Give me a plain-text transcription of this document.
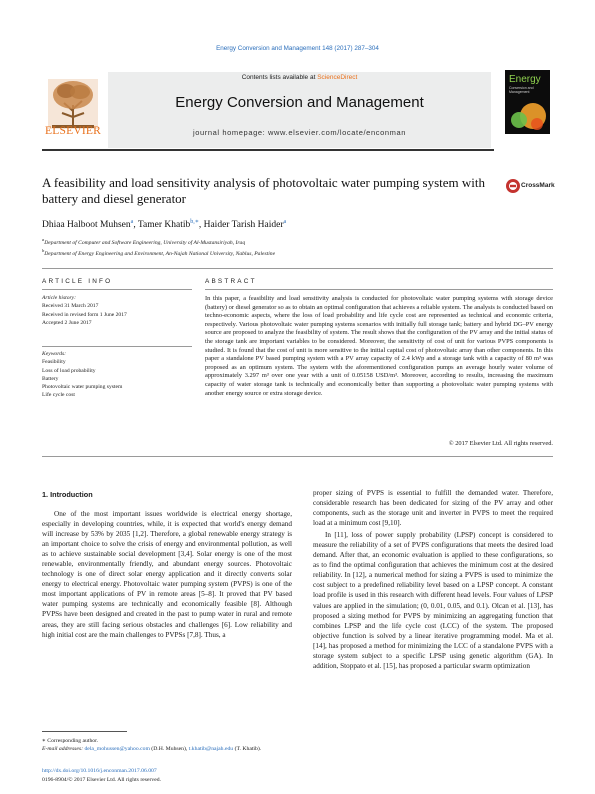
Energy Conversion and Management 148 (2017) 287–304
Contents lists available at ScienceDirect
Energy Conversion and Management
journal homepage: www.elsevier.com/locate/enconman
ELSEVIER
Energy
Conversion and Management
A feasibility and load sensitivity analysis of photovoltaic water pumping system with battery and diesel generator
CrossMark
Dhiaa Halboot Muhsen$^a$, Tamer Khatib$^{b,∗}$, Haider Tarish Haider$^a$
$^a$Department of Computer and Software Engineering, University of Al-Mustansiriyah, Iraq
$^b$Department of Energy Engineering and Environment, An-Najah National University, Nablus, Palestine
ARTICLE INFO	ABSTRACT
Article history:
Received 31 March 2017
Received in revised form 1 June 2017
Accepted 2 June 2017
Keywords:
Feasibility
Loss of load probability
Battery
Photovoltaic water pumping system
Life cycle cost
In this paper, a feasibility and load sensitivity analysis is conducted for photovoltaic water pumping systems with storage device (battery) or diesel generator so as to obtain an optimal configuration that achieves a reliable system. The analysis is conducted based on techno-economic aspects, where the loss of load probability and life cycle cost are represented as technical and economic criteria, respectively. Various photovoltaic water pumping systems scenarios with initially full storage tank; battery and hybrid DG–PV energy source are proposed to analyze the feasibility of system. The result shows that the configuration of the PV array and the initial status of the storage tank are important variables to be considered. Moreover, the sensitivity of cost of unit for various PVPS components is studied. It is found that the cost of unit is more sensitive to the initial capital cost of photovoltaic array than other components. In this paper a standalone PV based pumping system with a PV array capacity of 2.4 kWp and a storage tank with a capacity of 80 m³ was proposed as an optimum system. The system with the aforementioned configuration pumps an average hourly water volume of approximately 3.297 m³ over one year with a unit of 0.05158 USD/m³. Moreover, according to results, increasing the maximum capacity of water storage tank is technically and economically better than supporting a photovoltaic water pumping systems with another energy source or extra storage device.
© 2017 Elsevier Ltd. All rights reserved.
1. Introduction
One of the most important issues worldwide is electrical energy shortage, especially in developing countries, while, it is expected that world's energy demand will increase by 53% by 2035 [1,2]. Therefore, a global renewable energy strategy is an important choice to solve the crisis of energy and environmental pollution, as well as to achieve sustainable social development [3,4]. Solar energy is one of the most renewable, environmentally friendly, and abundant energy sources. Photovoltaic technology is one of direct solar energy application and it directly converts solar energy to electrical energy. Photovoltaic water pumping system (PVPS) is one of the most important applications of PV in remote areas [5–8]. It proved that PV based water pumping systems are technically and economically feasible [8]. Although PVPSs have been designed and created in the past to pump water in rural and remote areas, they are still facing serious obstacles and challenges [6]. Low reliability and high initial cost are the main challenges to PVPSs [7,8]. Thus, a
proper sizing of PVPS is essential to fulfill the demanded water. Therefore, considerable research has been dedicated for sizing of the PV array and other components, such as the storage unit and inverter in PVPS to meet the required load at a minimum cost [9,10].
In [11], loss of power supply probability (LPSP) concept is considered to measure the reliability of a set of PVPS configurations that meets the desired load demand. After that, an economic evaluation is applied to these configurations, so as to find the optimal configuration that achieves the minimum cost at the desired reliability. In [12], a numerical method for sizing a PVPS is used to minimize the cost subject to a predefined reliability level based on a LPSP concept. A constant load profile is used in this research with different head levels. Four values of LPSP values are applied in the simulation; (0, 0.01, 0.05, and 0.1). Olcan et al. [13], has proposed a sizing method for PVPS by minimizing an aggregating function that combines LPSP and the life cycle cost (LCC) of the system. The proposed objective function is solved by a linear iterative programming model. Ma et al. [14], has proposed a method for minimizing the LCC of a standalone PVPS with a storage system subject to a specific LPSP using genetic algorithm (GA). In addition, Stoppato et al. [15], has proposed a particular swarm optimization
∗ Corresponding author.
E-mail addresses: dela_mohussen@yahoo.com (D.H. Muhsen), t.khatib@najah.edu (T. Khatib).
http://dx.doi.org/10.1016/j.enconman.2017.06.007
0196-8904/© 2017 Elsevier Ltd. All rights reserved.
